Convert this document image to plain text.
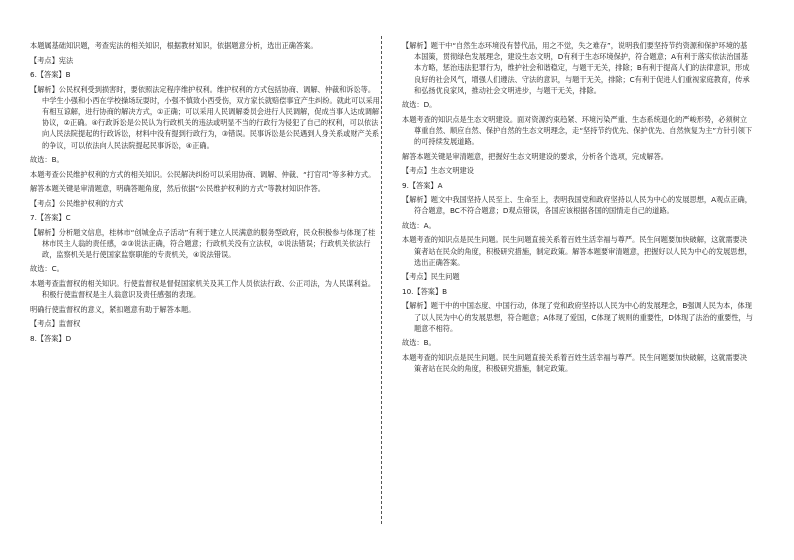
本题属基础知识题，考查宪法的相关知识，根据教材知识，依据题意分析，选出正确答案。

【考点】宪法

6.【答案】B

【解析】公民权利受到损害时，要依照法定程序维护权利。维护权利的方式包括协商、调解、仲裁和诉讼等。中学生小强和小西在学校操场玩耍时，小强不慎致小西受伤，双方家长就赔偿事宜产生纠纷。就此可以采用有相互谅解，进行协商的解决方式，①正确；可以采用人民调解委员会进行人民调解，促成当事人达成调解协议，②正确。④行政诉讼是公民认为行政机关的违法或明显不当的行政行为侵犯了自己的权利，可以依法向人民法院提起的行政诉讼，材料中没有提到行政行为，③错误。民事诉讼是公民遇到人身关系或财产关系的争议，可以依法向人民法院提起民事诉讼，④正确。

故选：B。

本题考查公民维护权利的方式的相关知识。公民解决纠纷可以采用协商、调解、仲裁、“打官司”等多种方式。

解答本题关键是审清题意，明确答题角度，然后依据“公民维护权利的方式”等教材知识作答。

【考点】公民维护权利的方式

7.【答案】C

【解析】分析题文信息，桂林市“创城金点子活动”有利于建立人民满意的服务型政府，民众积极参与体现了桂林市民主人翁的责任感，②③说法正确，符合题意；行政机关没有立法权，①说法错误；行政机关依法行政，监察机关是行使国家监察职能的专责机关，④说法错误。

故选：C。

本题考查监督权的相关知识。行使监督权是督促国家机关及其工作人员依法行政、公正司法，为人民谋利益。积极行使监督权是主人翁意识及责任感强的表现。

明确行使监督权的意义，紧扣题意有助于解答本题。

【考点】监督权

8.【答案】D

【解析】题干中“自然生态环境没有替代品，用之不觉，失之难存”，说明我们要坚持节约资源和保护环境的基本国策，贯彻绿色发展理念，建设生态文明，D有利于生态环境保护，符合题意；A有利于落实依法治国基本方略，惩治违法犯罪行为，维护社会和谐稳定，与题干无关，排除；B有利于提高人们的法律意识，形成良好的社会风气，增强人们遵法、守法的意识，与题干无关，排除；C有利于促进人们重视家庭教育，传承和弘扬优良家风，推动社会文明进步，与题干无关，排除。

故选：D。

本题考查的知识点是生态文明建设。面对资源约束趋紧、环境污染严重、生态系统退化的严峻形势，必须树立尊重自然、顺应自然、保护自然的生态文明理念，走“坚持节约优先、保护优先、自然恢复为主”方针引领下的可持续发展道路。

解答本题关键是审清题意，把握好生态文明建设的要求，分析各个选项，完成解答。

【考点】生态文明建设

9.【答案】A

【解析】题文中我国坚持人民至上、生命至上，表明我国党和政府坚持以人民为中心的发展思想，A观点正确，符合题意，BC不符合题意；D观点错误，各国应该根据各国的国情走自己的道路。

故选：A。

本题考查的知识点是民生问题。民生问题直接关系着百姓生活幸福与尊严。民生问题要加快破解，这就需要决策者站在民众的角度，积极研究措施，制定政策。解答本题要审清题意，把握好以人民为中心的发展思想，选出正确答案。

【考点】民生问题

10.【答案】B

【解析】题干中的中国态度、中国行动，体现了党和政府坚持以人民为中心的发展理念，B强调人民为本，体现了以人民为中心的发展思想，符合题意；A体现了爱国，C体现了规则的重要性，D体现了法治的重要性，与题意不相符。

故选：B。

本题考查的知识点是民生问题。民生问题直接关系着百姓生活幸福与尊严。民生问题要加快破解，这就需要决策者站在民众的角度，积极研究措施，制定政策。
